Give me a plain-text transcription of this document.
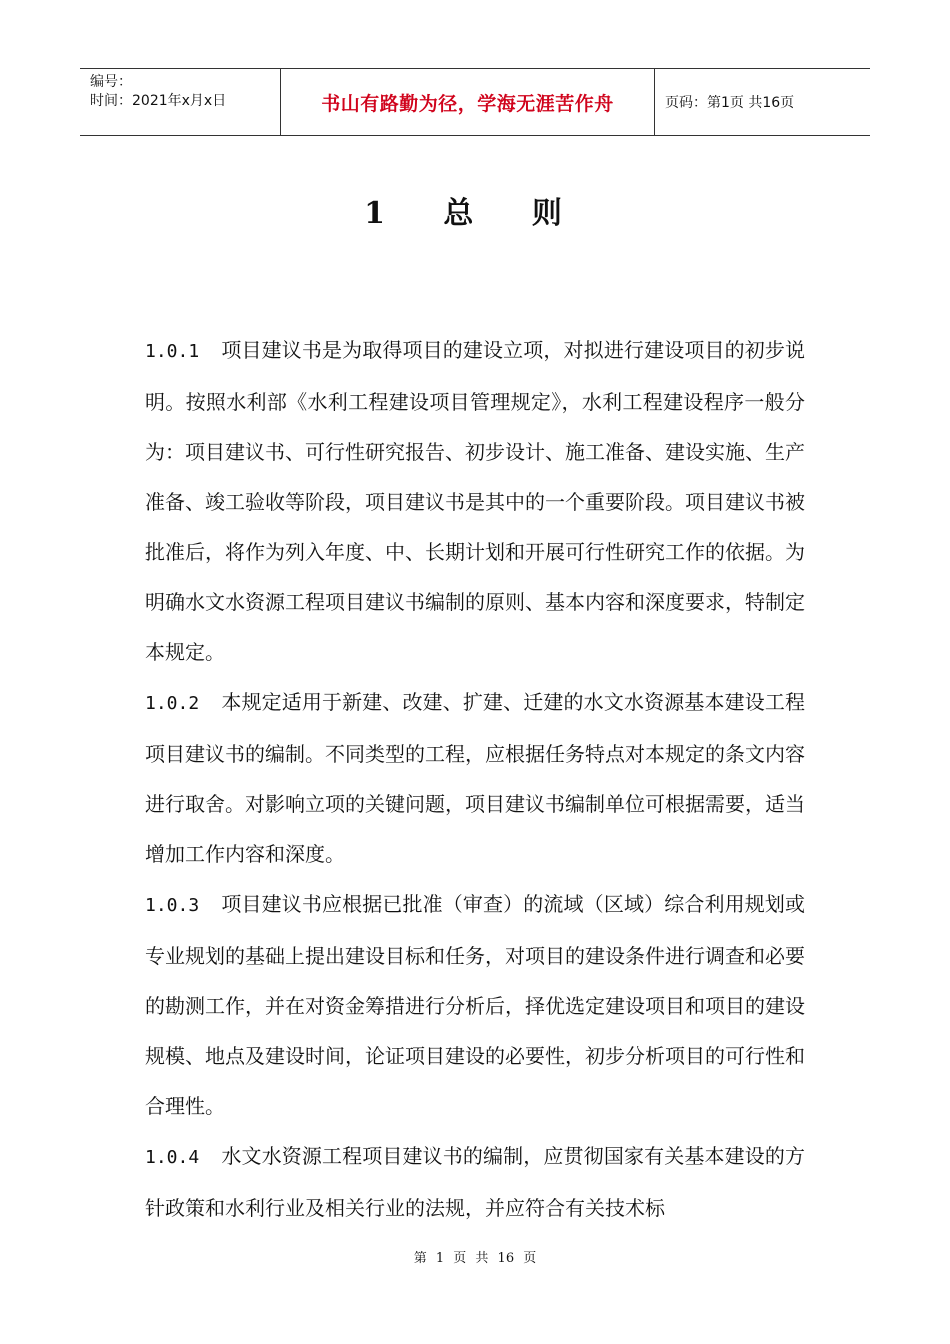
编号：
时间：2021年x月x日	书山有路勤为径，学海无涯苦作舟	页码：第1页 共16页
1 总 则

1.0.1 项目建议书是为取得项目的建设立项，对拟进行建设项目的初步说明。按照水利部《水利工程建设项目管理规定》，水利工程建设程序一般分为：项目建议书、可行性研究报告、初步设计、施工准备、建设实施、生产准备、竣工验收等阶段，项目建议书是其中的一个重要阶段。项目建议书被批准后，将作为列入年度、中、长期计划和开展可行性研究工作的依据。为明确水文水资源工程项目建议书编制的原则、基本内容和深度要求，特制定本规定。

1.0.2 本规定适用于新建、改建、扩建、迁建的水文水资源基本建设工程项目建议书的编制。不同类型的工程，应根据任务特点对本规定的条文内容进行取舍。对影响立项的关键问题，项目建议书编制单位可根据需要，适当增加工作内容和深度。

1.0.3 项目建议书应根据已批准（审查）的流域（区域）综合利用规划或专业规划的基础上提出建设目标和任务，对项目的建设条件进行调查和必要的勘测工作，并在对资金筹措进行分析后，择优选定建设项目和项目的建设规模、地点及建设时间，论证项目建设的必要性，初步分析项目的可行性和合理性。

1.0.4 水文水资源工程项目建议书的编制，应贯彻国家有关基本建设的方针政策和水利行业及相关行业的法规，并应符合有关技术标

第 1 页 共 16 页
